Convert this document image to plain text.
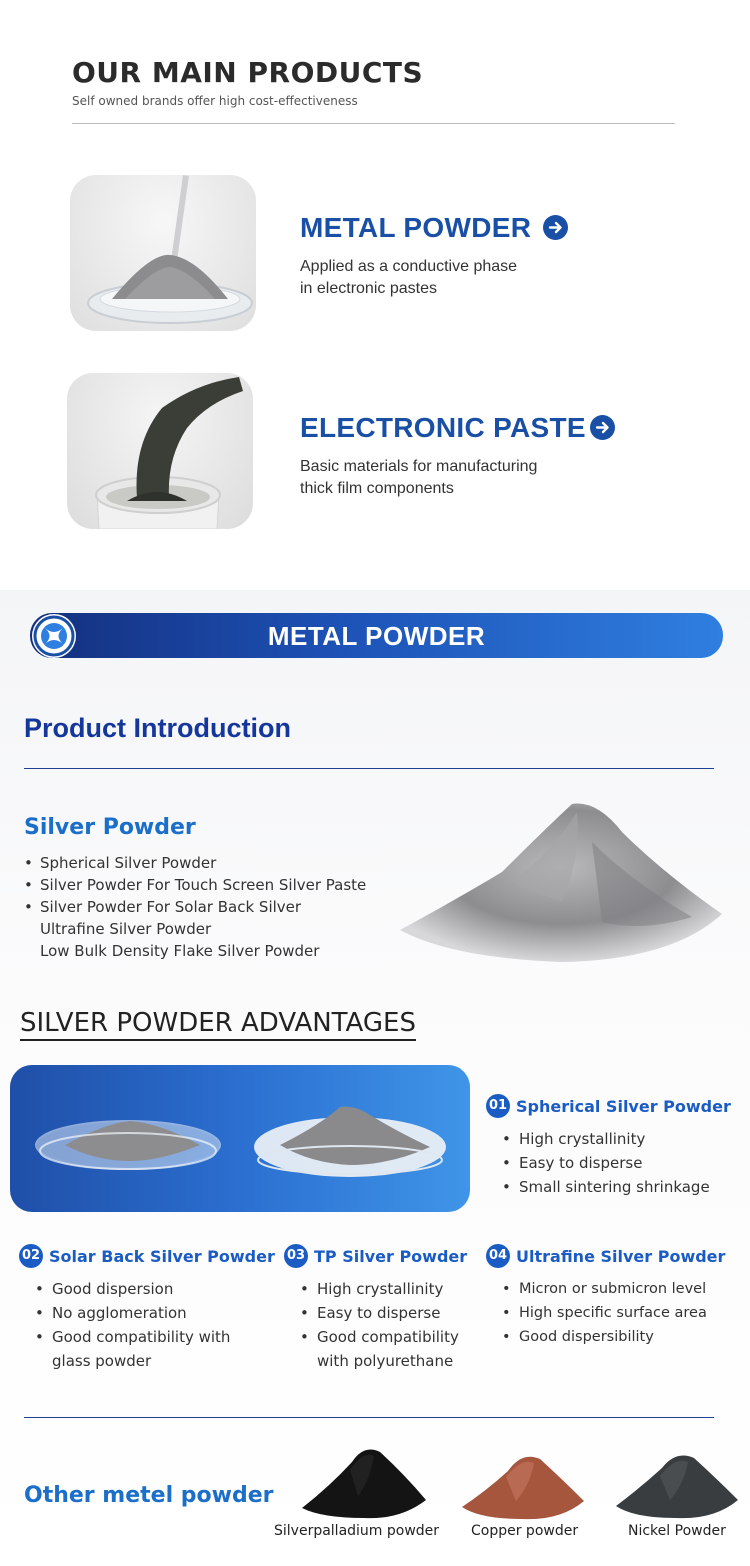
OUR MAIN PRODUCTS
Self owned brands offer high cost-effectiveness
METAL POWDER
Applied as a conductive phase
in electronic pastes
ELECTRONIC PASTE
Basic materials for manufacturing
thick film components
METAL POWDER
Product Introduction
Silver Powder
• Spherical Silver Powder
• Silver Powder For Touch Screen Silver Paste
• Silver Powder For Solar Back Silver
Ultrafine Silver Powder
Low Bulk Density Flake Silver Powder
SILVER POWDER ADVANTAGES
01 Spherical Silver Powder
• High crystallinity
• Easy to disperse
• Small sintering shrinkage
02 Solar Back Silver Powder
• Good dispersion
• No agglomeration
• Good compatibility with
glass powder
03 TP Silver Powder
• High crystallinity
• Easy to disperse
• Good compatibility
with polyurethane
04 Ultrafine Silver Powder
• Micron or submicron level
• High specific surface area
• Good dispersibility
Other metel powder
Silverpalladium powder Copper powder	Nickel Powder
